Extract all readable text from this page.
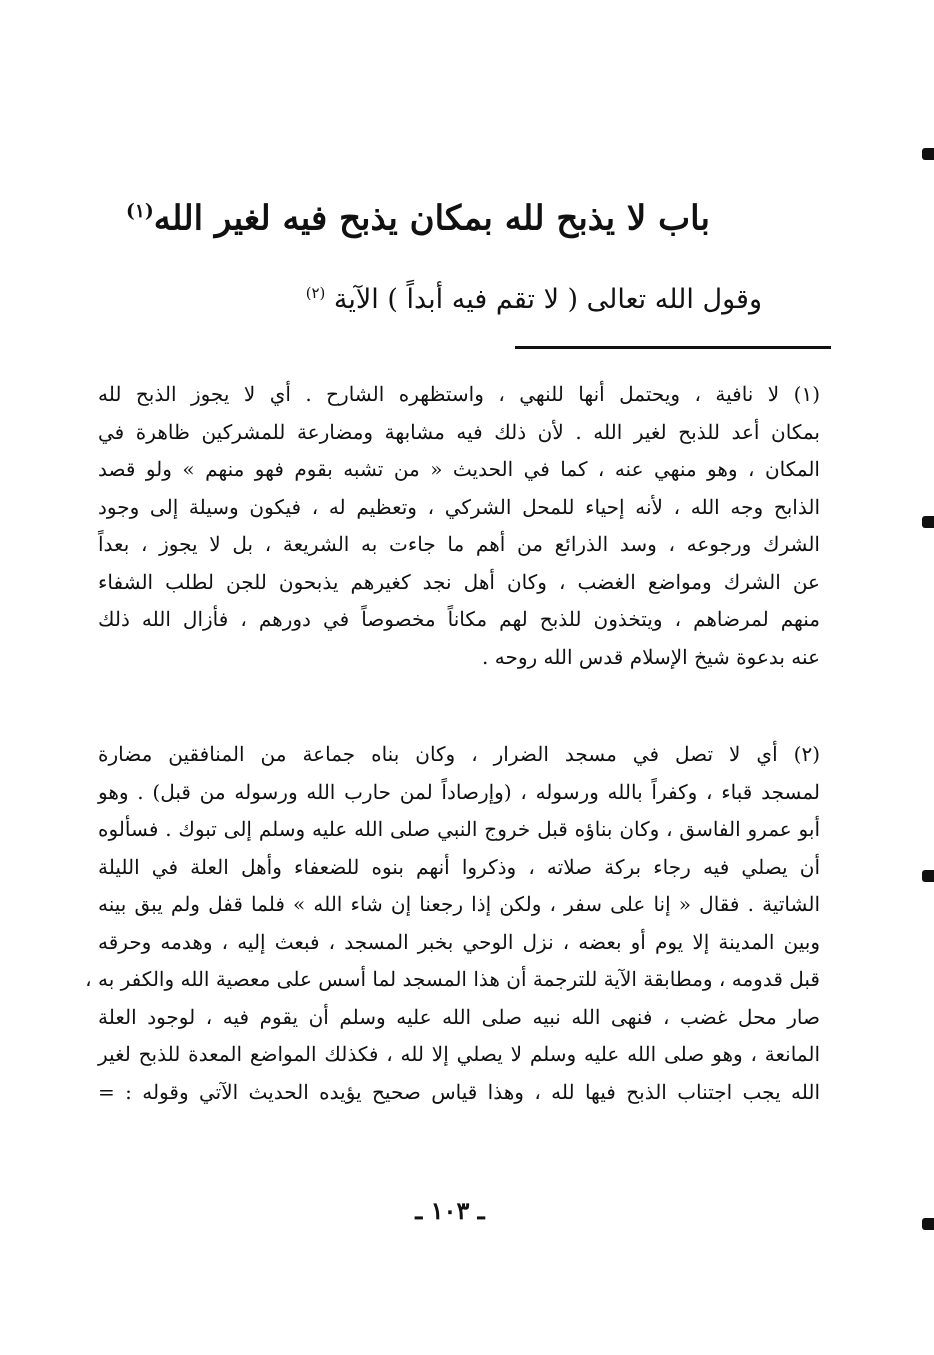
باب لا يذبح لله بمكان يذبح فيه لغير الله$^{(١)}$
وقول الله تعالى ( لا تقم فيه أبداً ) الآية $^{(٢)}$
(١) لا نافية ، ويحتمل أنها للنهي ، واستظهره الشارح . أي لا يجوز الذبح لله
بمكان أعد للذبح لغير الله . لأن ذلك فيه مشابهة ومضارعة للمشركين ظاهرة في
المكان ، وهو منهي عنه ، كما في الحديث « من تشبه بقوم فهو منهم » ولو قصد
الذابح وجه الله ، لأنه إحياء للمحل الشركي ، وتعظيم له ، فيكون وسيلة إلى وجود
الشرك ورجوعه ، وسد الذرائع من أهم ما جاءت به الشريعة ، بل لا يجوز ، بعداً
عن الشرك ومواضع الغضب ، وكان أهل نجد كغيرهم يذبحون للجن لطلب الشفاء
منهم لمرضاهم ، ويتخذون للذبح لهم مكاناً مخصوصاً في دورهم ، فأزال الله ذلك
عنه بدعوة شيخ الإسلام قدس الله روحه .
(٢) أي لا تصل في مسجد الضرار ، وكان بناه جماعة من المنافقين مضارة
لمسجد قباء ، وكفراً بالله ورسوله ، (وإرصاداً لمن حارب الله ورسوله من قبل) . وهو
أبو عمرو الفاسق ، وكان بناؤه قبل خروج النبي صلى الله عليه وسلم إلى تبوك . فسألوه
أن يصلي فيه رجاء بركة صلاته ، وذكروا أنهم بنوه للضعفاء وأهل العلة في الليلة
الشاتية . فقال « إنا على سفر ، ولكن إذا رجعنا إن شاء الله » فلما قفل ولم يبق بينه
وبين المدينة إلا يوم أو بعضه ، نزل الوحي بخبر المسجد ، فبعث إليه ، وهدمه وحرقه
قبل قدومه ، ومطابقة الآية للترجمة أن هذا المسجد لما أسس على معصية الله والكفر به ،
صار محل غضب ، فنهى الله نبيه صلى الله عليه وسلم أن يقوم فيه ، لوجود العلة
المانعة ، وهو صلى الله عليه وسلم لا يصلي إلا لله ، فكذلك المواضع المعدة للذبح لغير
الله يجب اجتناب الذبح فيها لله ، وهذا قياس صحيح يؤيده الحديث الآتي وقوله : =
ـ ١٠٣ ـ
